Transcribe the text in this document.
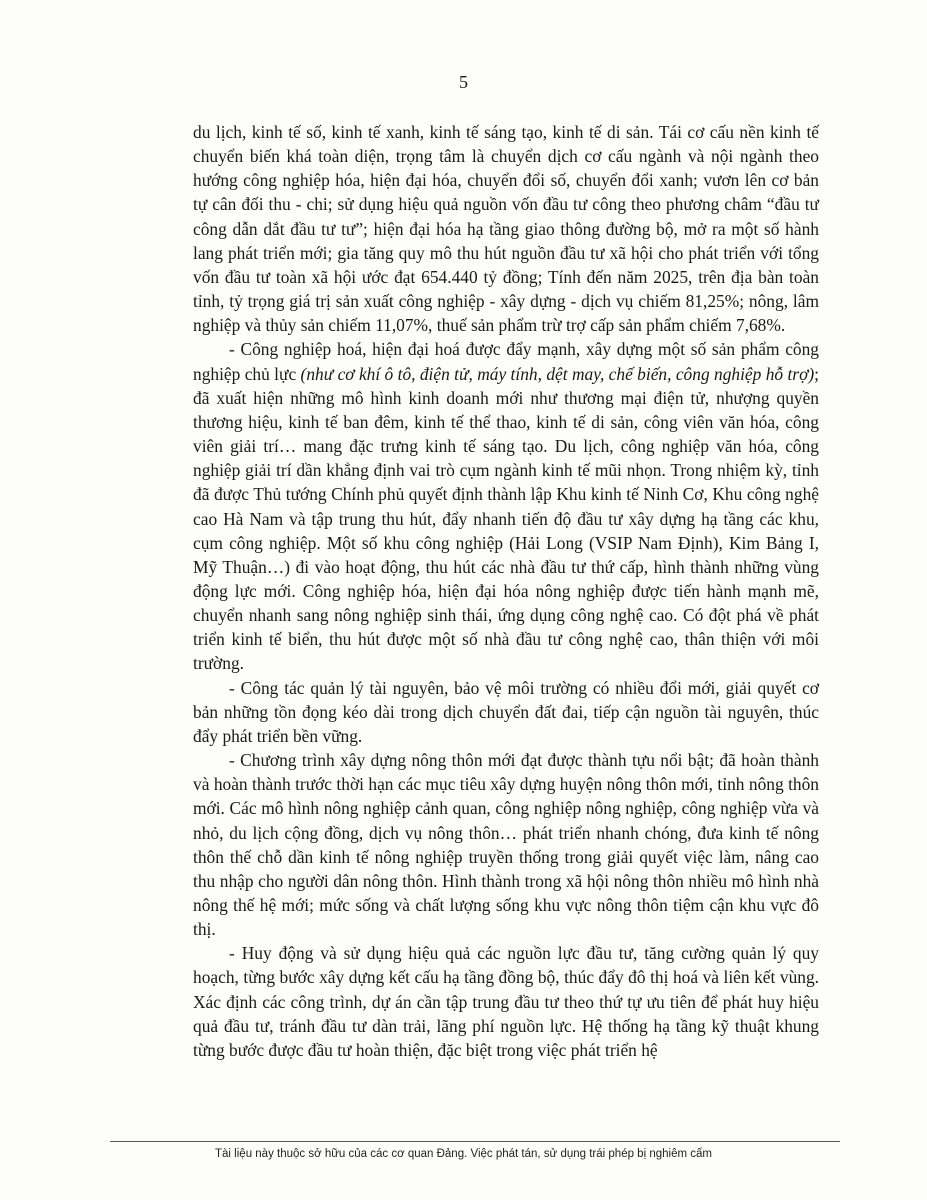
5

du lịch, kinh tế số, kinh tế xanh, kinh tế sáng tạo, kinh tế di sản. Tái cơ cấu nền kinh tế chuyển biến khá toàn diện, trọng tâm là chuyển dịch cơ cấu ngành và nội ngành theo hướng công nghiệp hóa, hiện đại hóa, chuyển đổi số, chuyển đổi xanh; vươn lên cơ bản tự cân đối thu - chi; sử dụng hiệu quả nguồn vốn đầu tư công theo phương châm “đầu tư công dẫn dắt đầu tư tư”; hiện đại hóa hạ tầng giao thông đường bộ, mở ra một số hành lang phát triển mới; gia tăng quy mô thu hút nguồn đầu tư xã hội cho phát triển với tổng vốn đầu tư toàn xã hội ước đạt 654.440 tỷ đồng; Tính đến năm 2025, trên địa bàn toàn tỉnh, tỷ trọng giá trị sản xuất công nghiệp - xây dựng - dịch vụ chiếm 81,25%; nông, lâm nghiệp và thủy sản chiếm 11,07%, thuế sản phẩm trừ trợ cấp sản phẩm chiếm 7,68%.

- Công nghiệp hoá, hiện đại hoá được đẩy mạnh, xây dựng một số sản phẩm công nghiệp chủ lực (như cơ khí ô tô, điện tử, máy tính, dệt may, chế biến, công nghiệp hỗ trợ); đã xuất hiện những mô hình kinh doanh mới như thương mại điện tử, nhượng quyền thương hiệu, kinh tế ban đêm, kinh tế thể thao, kinh tế di sản, công viên văn hóa, công viên giải trí… mang đặc trưng kinh tế sáng tạo. Du lịch, công nghiệp văn hóa, công nghiệp giải trí dần khẳng định vai trò cụm ngành kinh tế mũi nhọn. Trong nhiệm kỳ, tỉnh đã được Thủ tướng Chính phủ quyết định thành lập Khu kinh tế Ninh Cơ, Khu công nghệ cao Hà Nam và tập trung thu hút, đẩy nhanh tiến độ đầu tư xây dựng hạ tầng các khu, cụm công nghiệp. Một số khu công nghiệp (Hải Long (VSIP Nam Định), Kim Bảng I, Mỹ Thuận…) đi vào hoạt động, thu hút các nhà đầu tư thứ cấp, hình thành những vùng động lực mới. Công nghiệp hóa, hiện đại hóa nông nghiệp được tiến hành mạnh mẽ, chuyển nhanh sang nông nghiệp sinh thái, ứng dụng công nghệ cao. Có đột phá về phát triển kinh tế biển, thu hút được một số nhà đầu tư công nghệ cao, thân thiện với môi trường.

- Công tác quản lý tài nguyên, bảo vệ môi trường có nhiều đổi mới, giải quyết cơ bản những tồn đọng kéo dài trong dịch chuyển đất đai, tiếp cận nguồn tài nguyên, thúc đẩy phát triển bền vững.

- Chương trình xây dựng nông thôn mới đạt được thành tựu nổi bật; đã hoàn thành và hoàn thành trước thời hạn các mục tiêu xây dựng huyện nông thôn mới, tỉnh nông thôn mới. Các mô hình nông nghiệp cảnh quan, công nghiệp nông nghiệp, công nghiệp vừa và nhỏ, du lịch cộng đồng, dịch vụ nông thôn… phát triển nhanh chóng, đưa kinh tế nông thôn thế chỗ dần kinh tế nông nghiệp truyền thống trong giải quyết việc làm, nâng cao thu nhập cho người dân nông thôn. Hình thành trong xã hội nông thôn nhiều mô hình nhà nông thế hệ mới; mức sống và chất lượng sống khu vực nông thôn tiệm cận khu vực đô thị.

- Huy động và sử dụng hiệu quả các nguồn lực đầu tư, tăng cường quản lý quy hoạch, từng bước xây dựng kết cấu hạ tầng đồng bộ, thúc đẩy đô thị hoá và liên kết vùng. Xác định các công trình, dự án cần tập trung đầu tư theo thứ tự ưu tiên để phát huy hiệu quả đầu tư, tránh đầu tư dàn trải, lãng phí nguồn lực. Hệ thống hạ tầng kỹ thuật khung từng bước được đầu tư hoàn thiện, đặc biệt trong việc phát triển hệ

Tài liệu này thuộc sở hữu của các cơ quan Đảng. Việc phát tán, sử dụng trái phép bị nghiêm cấm
